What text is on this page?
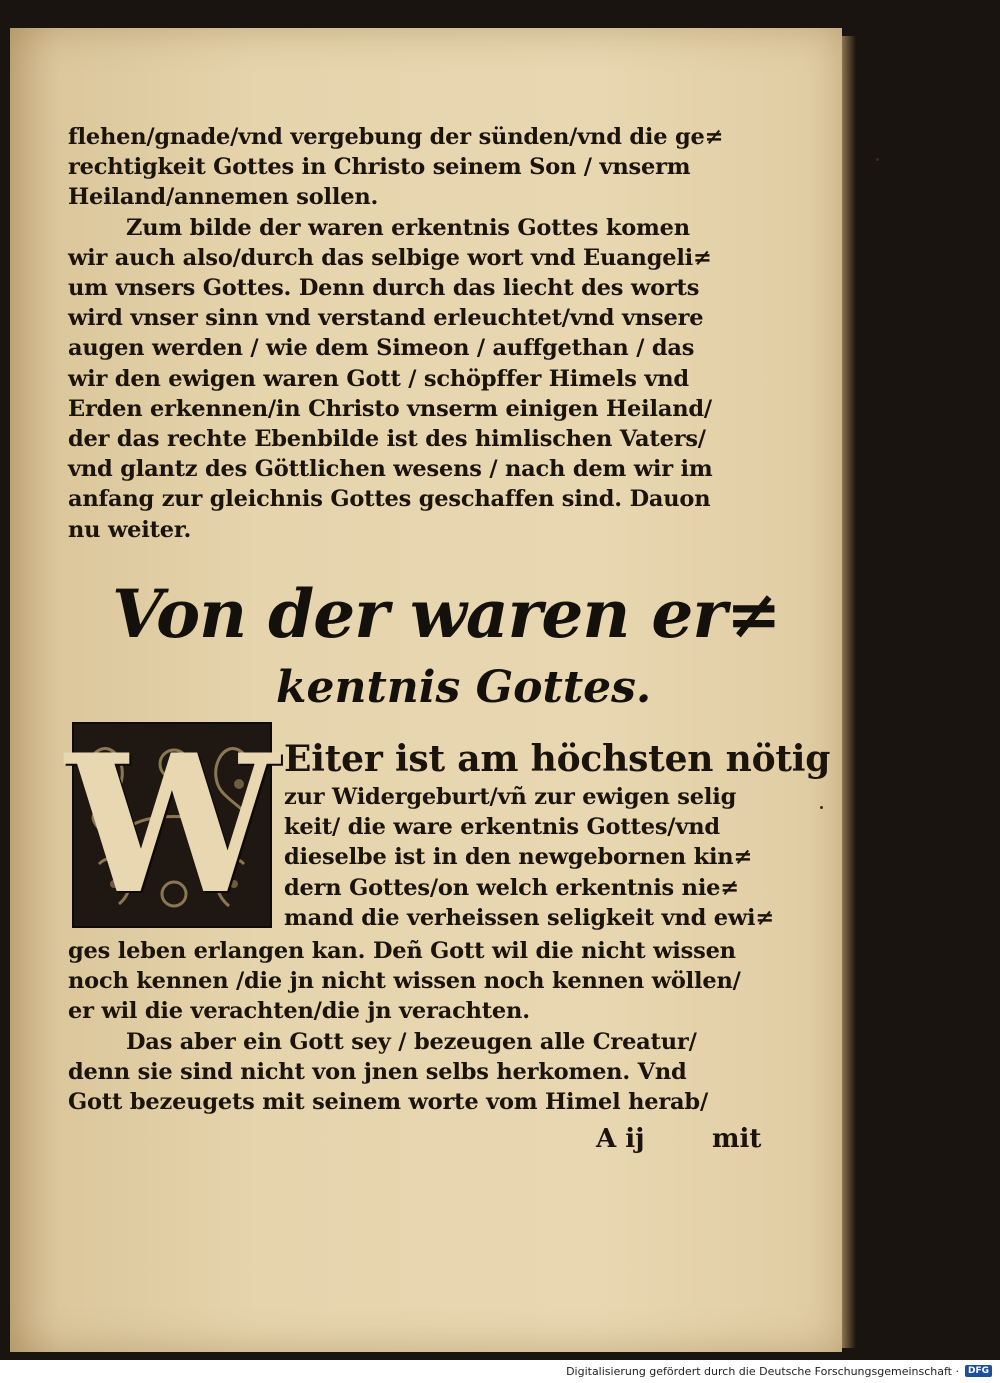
flehen/gnade/vnd vergebung der sünden/vnd die ge≠
rechtigkeit Gottes in Christo seinem Son / vnserm
Heiland/annemen sollen.
Zum bilde der waren erkentnis Gottes komen
wir auch also/durch das selbige wort vnd Euangeli≠
um vnsers Gottes. Denn durch das liecht des worts
wird vnser sinn vnd verstand erleuchtet/vnd vnsere
augen werden / wie dem Simeon / auffgethan / das
wir den ewigen waren Gott / schöpffer Himels vnd
Erden erkennen/in Christo vnserm einigen Heiland/
der das rechte Ebenbilde ist des himlischen Vaters/
vnd glantz des Göttlichen wesens / nach dem wir im
anfang zur gleichnis Gottes geschaffen sind. Dauon
nu weiter.
Von der waren er≠
kentnis Gottes.
W Eiter ist am höchsten nötig
zur Widergeburt/vñ zur ewigen selig
keit/ die ware erkentnis Gottes/vnd
dieselbe ist in den newgebornen kin≠
dern Gottes/on welch erkentnis nie≠
mand die verheissen seligkeit vnd ewi≠
ges leben erlangen kan. Deñ Gott wil die nicht wissen
noch kennen /die jn nicht wissen noch kennen wöllen/
er wil die verachten/die jn verachten.
Das aber ein Gott sey / bezeugen alle Creatur/
denn sie sind nicht von jnen selbs herkomen. Vnd
Gott bezeugets mit seinem worte vom Himel herab/
A ij	mit
Digitalisierung gefördert durch die Deutsche Forschungsgemeinschaft ·	DFG
